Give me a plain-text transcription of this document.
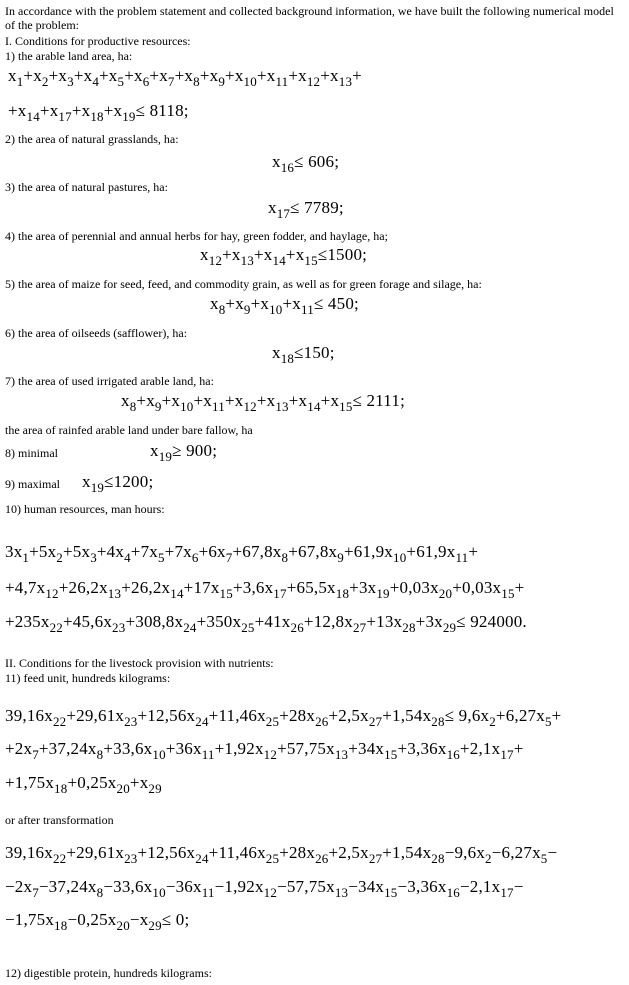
In accordance with the problem statement and collected background information, we have built the following numerical model of the problem:
I. Conditions for productive resources:
1) the arable land area, ha:
$x_1+x_2+x_3+x_4+x_5+x_6+x_7+x_8+x_9+x_{10}+x_{11}+x_{12}+x_{13}+$
$+x_{14}+x_{17}+x_{18}+x_{19}\le 8118$;
2) the area of natural grasslands, ha:
$x_{16}\le 606$;
3) the area of natural pastures, ha:
$x_{17}\le 7789$;
4) the area of perennial and annual herbs for hay, green fodder, and haylage, ha;
$x_{12}+x_{13}+x_{14}+x_{15}\le 1500$;
5) the area of maize for seed, feed, and commodity grain, as well as for green forage and silage, ha:
$x_8+x_9+x_{10}+x_{11}\le 450$;
6) the area of oilseeds (safflower), ha:
$x_{18}\le 150$;
7) the area of used irrigated arable land, ha:
$x_8+x_9+x_{10}+x_{11}+x_{12}+x_{13}+x_{14}+x_{15}\le 2111$;
the area of rainfed arable land under bare fallow, ha
8) minimal	$x_{19}\ge 900$;
9) maximal $x_{19}\le 1200$;
10) human resources, man hours:
$3x_1+5x_2+5x_3+4x_4+7x_5+7x_6+6x_7+67,8x_8+67,8x_9+61,9x_{10}+61,9x_{11}+$
$+4,7x_{12}+26,2x_{13}+26,2x_{14}+17x_{15}+3,6x_{17}+65,5x_{18}+3x_{19}+0,03x_{20}+0,03x_{15}+$
$+235x_{22}+45,6x_{23}+308,8x_{24}+350x_{25}+41x_{26}+12,8x_{27}+13x_{28}+3x_{29}\le 924000$.
II. Conditions for the livestock provision with nutrients:
11) feed unit, hundreds kilograms:
$39,16x_{22}+29,61x_{23}+12,56x_{24}+11,46x_{25}+28x_{26}+2,5x_{27}+1,54x_{28}\le 9,6x_2+6,27x_5+$
$+2x_7+37,24x_8+33,6x_{10}+36x_{11}+1,92x_{12}+57,75x_{13}+34x_{15}+3,36x_{16}+2,1x_{17}+$
$+1,75x_{18}+0,25x_{20}+x_{29}$
or after transformation
$39,16x_{22}+29,61x_{23}+12,56x_{24}+11,46x_{25}+28x_{26}+2,5x_{27}+1,54x_{28}-9,6x_2-6,27x_5-$
$-2x_7-37,24x_8-33,6x_{10}-36x_{11}-1,92x_{12}-57,75x_{13}-34x_{15}-3,36x_{16}-2,1x_{17}-$
$-1,75x_{18}-0,25x_{20}-x_{29}\le 0$;
12) digestible protein, hundreds kilograms:
